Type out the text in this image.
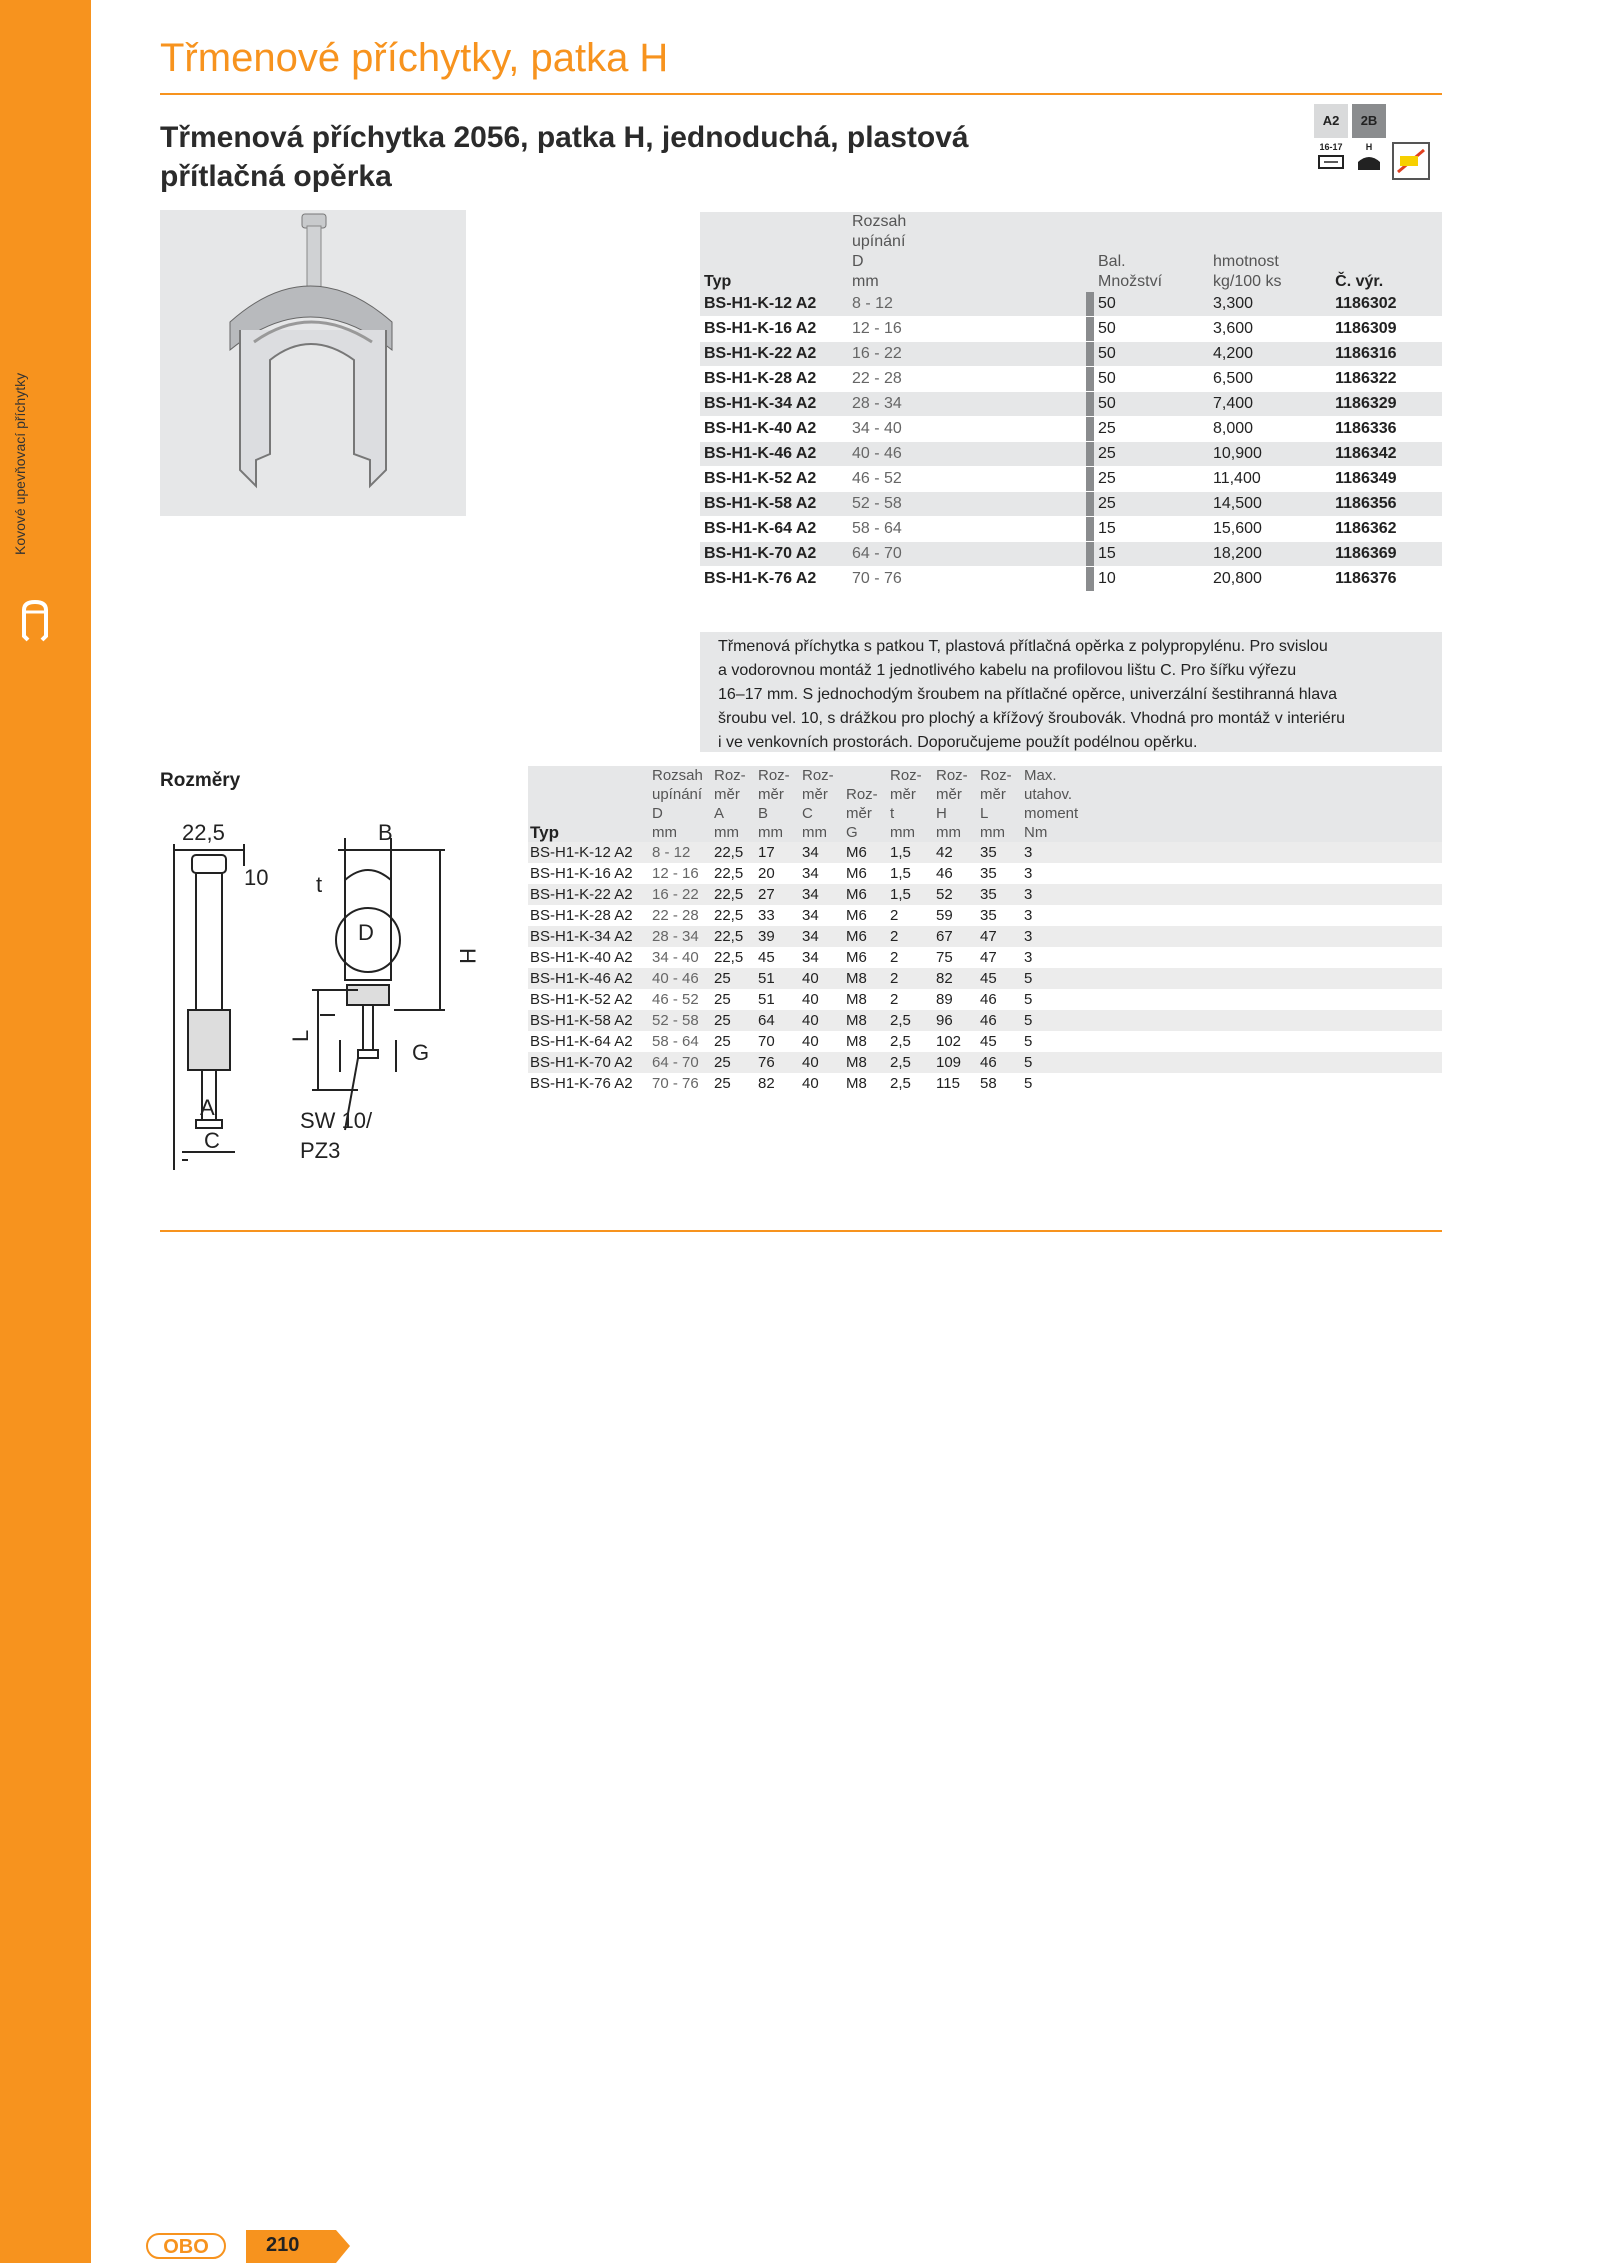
Kovové upevňovací příchytky
Třmenové příchytky, patka H
Třmenová příchytka 2056, patka H, jednoduchá, plastová
přítlačná opěrka
A2	2B
16-17	H
Typ	Rozsah
upínání
D
mm		Bal.
Množství	hmotnost
kg/100 ks	Č. výr.
BS-H1-K-12 A2	8 - 12		50	3,300	1186302
BS-H1-K-16 A2	12 - 16		50	3,600	1186309
BS-H1-K-22 A2	16 - 22		50	4,200	1186316
BS-H1-K-28 A2	22 - 28		50	6,500	1186322
BS-H1-K-34 A2	28 - 34		50	7,400	1186329
BS-H1-K-40 A2	34 - 40		25	8,000	1186336
BS-H1-K-46 A2	40 - 46		25	10,900	1186342
BS-H1-K-52 A2	46 - 52		25	11,400	1186349
BS-H1-K-58 A2	52 - 58		25	14,500	1186356
BS-H1-K-64 A2	58 - 64		15	15,600	1186362
BS-H1-K-70 A2	64 - 70		15	18,200	1186369
BS-H1-K-76 A2	70 - 76		10	20,800	1186376
Třmenová příchytka s patkou T, plastová přítlačná opěrka z polypropylénu. Pro svislou
a vodorovnou montáž 1 jednotlivého kabelu na profilovou lištu C. Pro šířku výřezu
16–17 mm. S jednochodým šroubem na přítlačné opěrce, univerzální šestihranná hlava
šroubu vel. 10, s drážkou pro plochý a křížový šroubovák. Vhodná pro montáž v interiéru
i ve venkovních prostorách. Doporučujeme použít podélnou opěrku.
Rozměry
22,5	B
10 t
D
H
L
G
A
C
SW 10/
PZ3
Typ	Rozsah
upínání
D
mm	Roz-
měr
A
mm	Roz-
měr
B
mm	Roz-
měr
C
mm	Roz-
měr
G	Roz-
měr
t
mm	Roz-
měr
H
mm	Roz-
měr
L
mm	Max.
utahov.
moment
Nm
BS-H1-K-12 A2	8 - 12	22,5	17	34	M6	1,5	42	35	3
BS-H1-K-16 A2	12 - 16	22,5	20	34	M6	1,5	46	35	3
BS-H1-K-22 A2	16 - 22	22,5	27	34	M6	1,5	52	35	3
BS-H1-K-28 A2	22 - 28	22,5	33	34	M6	2	59	35	3
BS-H1-K-34 A2	28 - 34	22,5	39	34	M6	2	67	47	3
BS-H1-K-40 A2	34 - 40	22,5	45	34	M6	2	75	47	3
BS-H1-K-46 A2	40 - 46	25	51	40	M8	2	82	45	5
BS-H1-K-52 A2	46 - 52	25	51	40	M8	2	89	46	5
BS-H1-K-58 A2	52 - 58	25	64	40	M8	2,5	96	46	5
BS-H1-K-64 A2	58 - 64	25	70	40	M8	2,5	102	45	5
BS-H1-K-70 A2	64 - 70	25	76	40	M8	2,5	109	46	5
BS-H1-K-76 A2	70 - 76	25	82	40	M8	2,5	115	58	5
OBO	210
